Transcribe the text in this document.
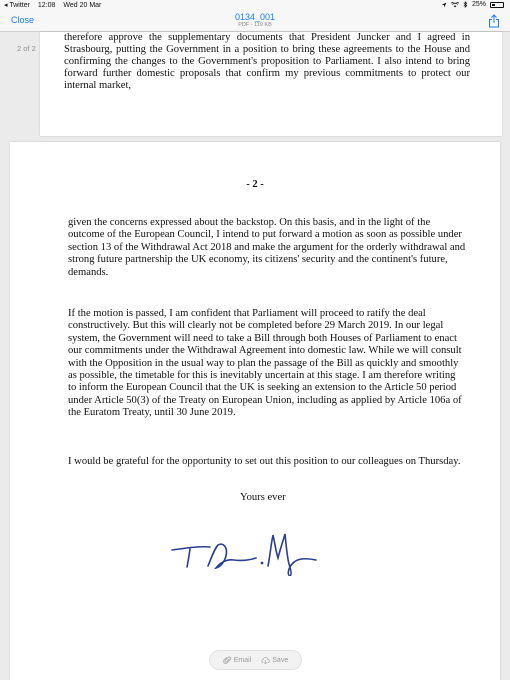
◂ Twitter 12:08 Wed 20 Mar	25%
Close	0134_001
PDF - 119 KB
2 of 2
therefore approve the supplementary documents that President Juncker and I agreed in Strasbourg, putting the Government in a position to bring these agreements to the House and confirming the changes to the Government's proposition to Parliament. I also intend to bring forward further domestic proposals that confirm my previous commitments to protect our internal market,
- 2 -

given the concerns expressed about the backstop. On this basis, and in the light of the outcome of the European Council, I intend to put forward a motion as soon as possible under section 13 of the Withdrawal Act 2018 and make the argument for the orderly withdrawal and strong future partnership the UK economy, its citizens' security and the continent's future, demands.

If the motion is passed, I am confident that Parliament will proceed to ratify the deal constructively. But this will clearly not be completed before 29 March 2019. In our legal system, the Government will need to take a Bill through both Houses of Parliament to enact our commitments under the Withdrawal Agreement into domestic law. While we will consult with the Opposition in the usual way to plan the passage of the Bill as quickly and smoothly as possible, the timetable for this is inevitably uncertain at this stage. I am therefore writing to inform the European Council that the UK is seeking an extension to the Article 50 period under Article 50(3) of the Treaty on European Union, including as applied by Article 106a of the Euratom Treaty, until 30 June 2019.

I would be grateful for the opportunity to set out this position to our colleagues on Thursday.

Yours ever
Email	Save
